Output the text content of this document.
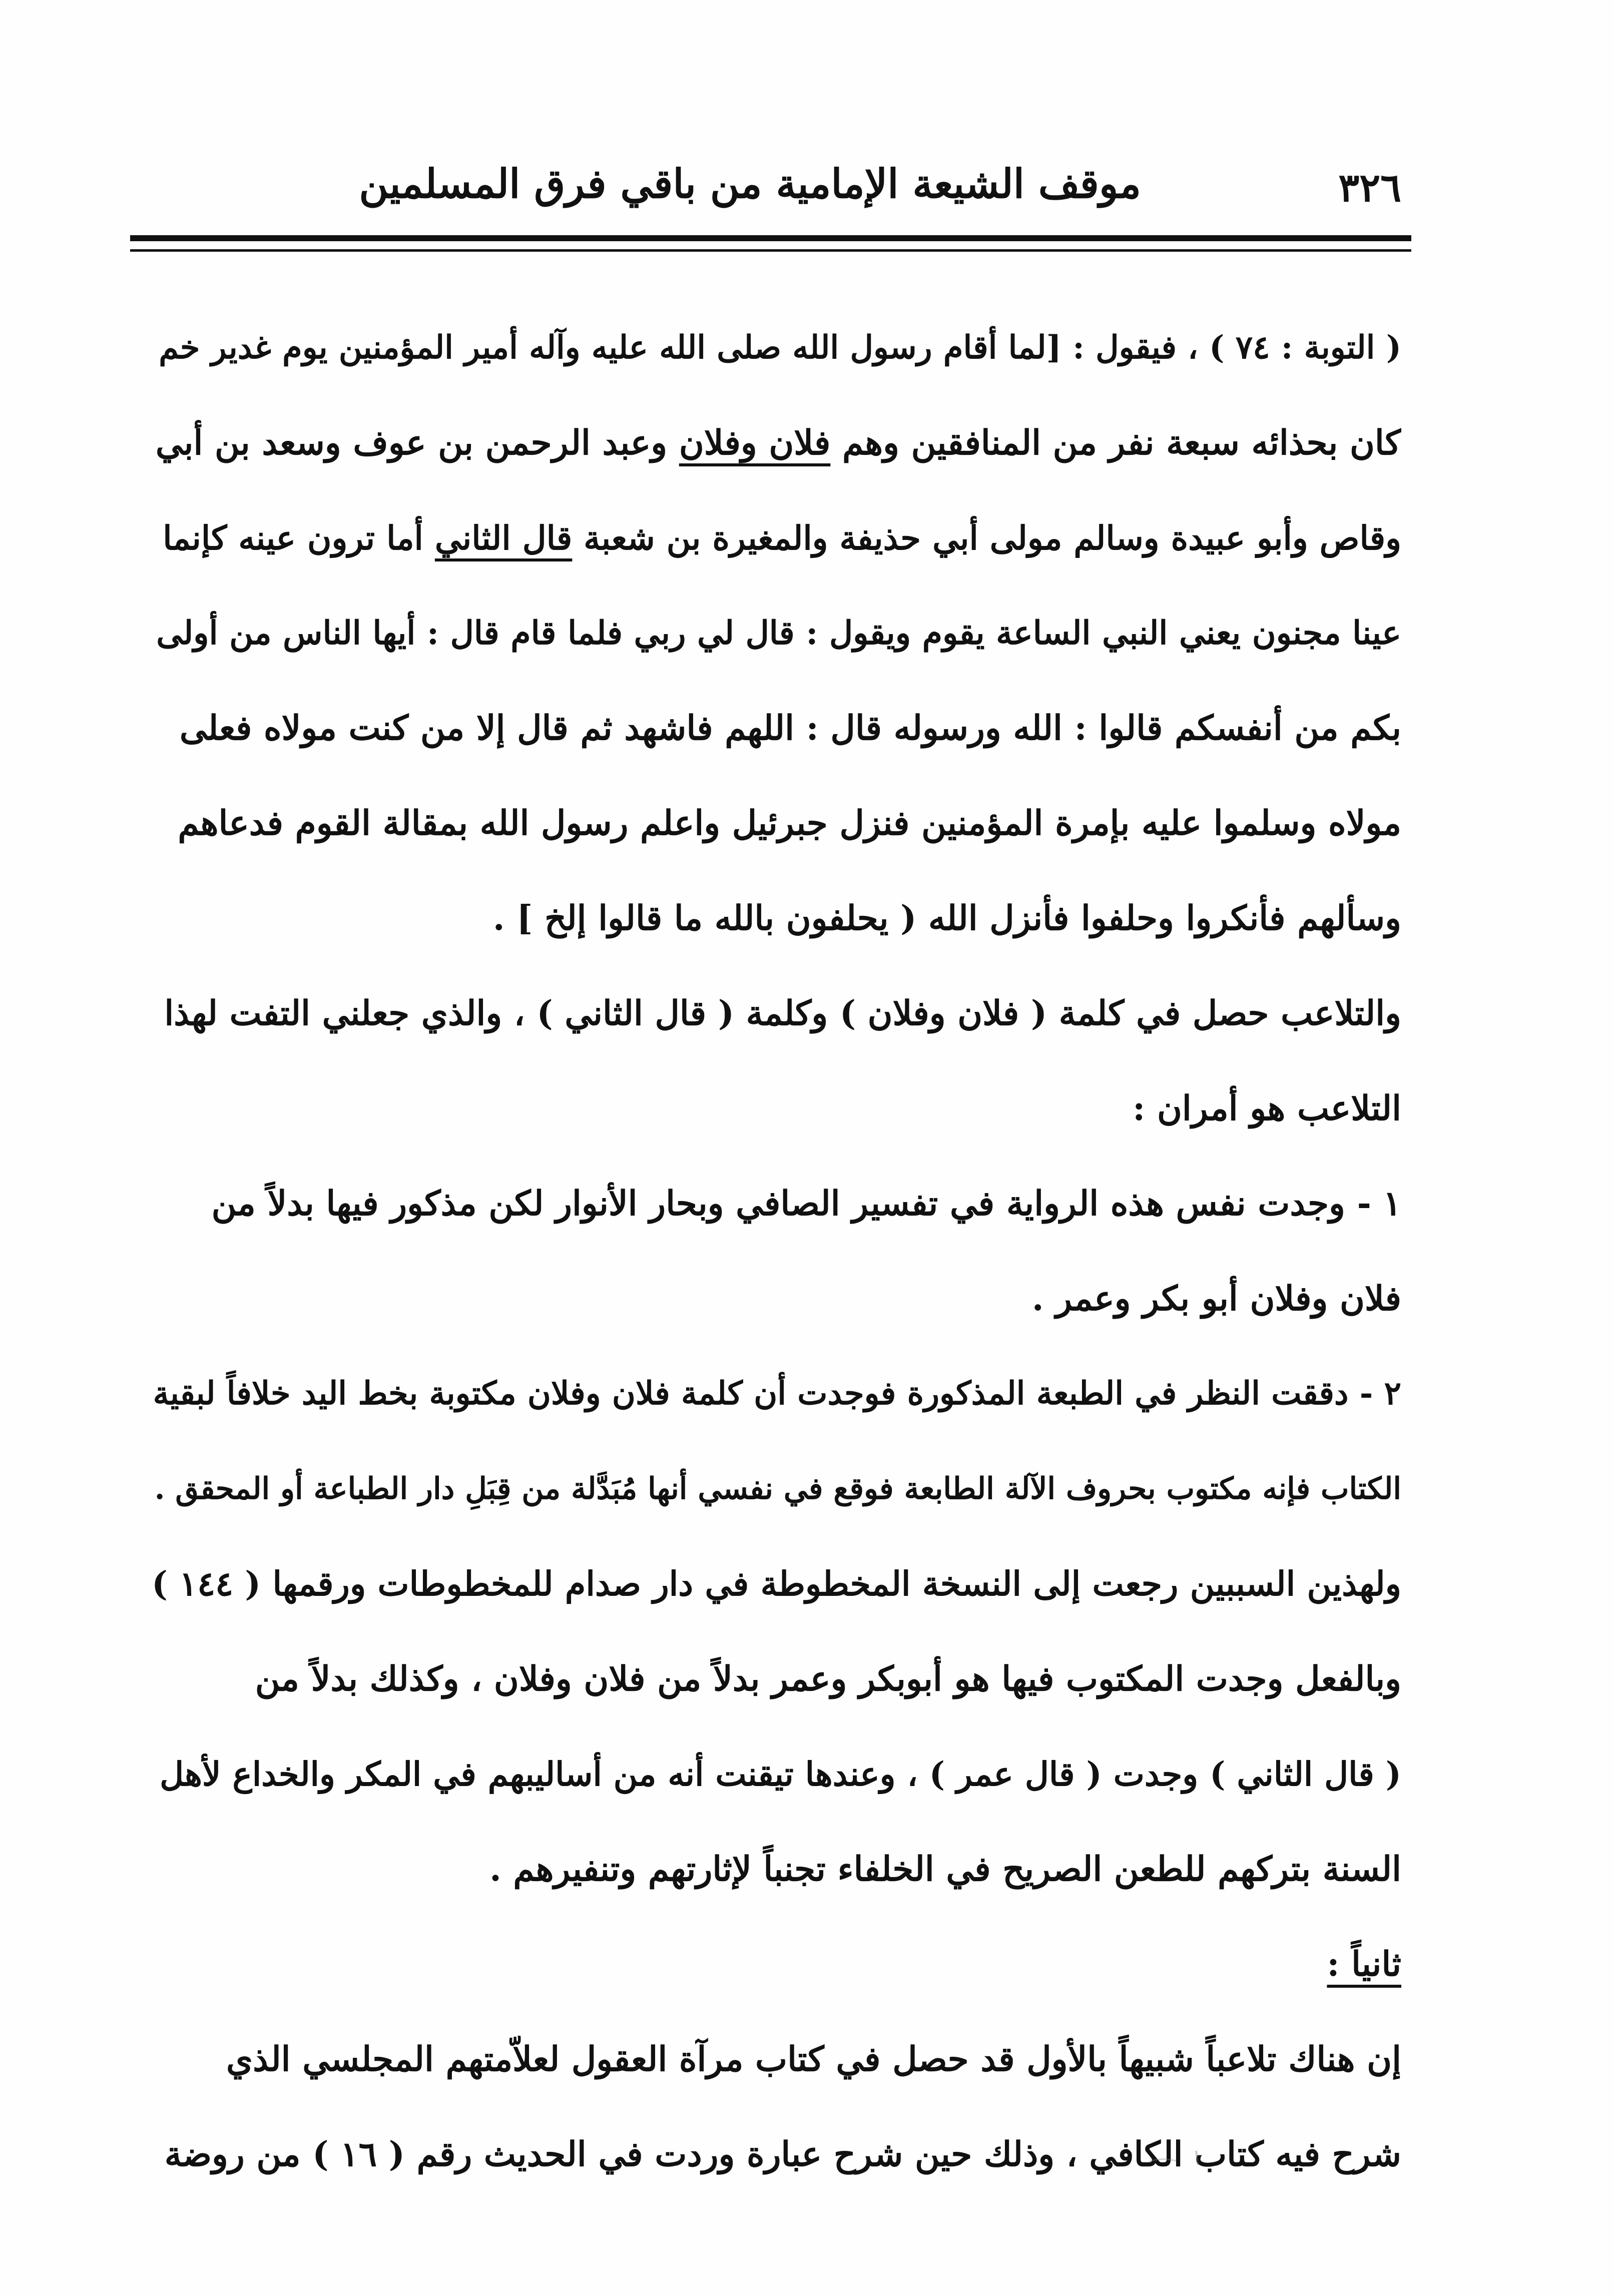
٣٢٦
موقف الشيعة الإمامية من باقي فرق المسلمين
( التوبة : ٧٤ ) ، فيقول : [لما أقام رسول الله صلى الله عليه وآله أمير المؤمنين يوم غدير خم
كان بحذائه سبعة نفر من المنافقين وهم فلان وفلان وعبد الرحمن بن عوف وسعد بن أبي
وقاص وأبو عبيدة وسالم مولى أبي حذيفة والمغيرة بن شعبة قال الثاني أما ترون عينه كإنما
عينا مجنون يعني النبي الساعة يقوم ويقول : قال لي ربي فلما قام قال : أيها الناس من أولى
بكم من أنفسكم قالوا : الله ورسوله قال : اللهم فاشهد ثم قال إلا من كنت مولاه فعلى
مولاه وسلموا عليه بإمرة المؤمنين فنزل جبرئيل واعلم رسول الله بمقالة القوم فدعاهم
وسألهم فأنكروا وحلفوا فأنزل الله ( يحلفون بالله ما قالوا إلخ ] .
والتلاعب حصل في كلمة ( فلان وفلان ) وكلمة ( قال الثاني ) ، والذي جعلني التفت لهذا
التلاعب هو أمران :
١ - وجدت نفس هذه الرواية في تفسير الصافي وبحار الأنوار لكن مذكور فيها بدلاً من
فلان وفلان أبو بكر وعمر .
٢ - دققت النظر في الطبعة المذكورة فوجدت أن كلمة فلان وفلان مكتوبة بخط اليد خلافاً لبقية
الكتاب فإنه مكتوب بحروف الآلة الطابعة فوقع في نفسي أنها مُبَدَّلة من قِبَلِ دار الطباعة أو المحقق .
ولهذين السببين رجعت إلى النسخة المخطوطة في دار صدام للمخطوطات ورقمها ( ١٤٤ )
وبالفعل وجدت المكتوب فيها هو أبوبكر وعمر بدلاً من فلان وفلان ، وكذلك بدلاً من
( قال الثاني ) وجدت ( قال عمر ) ، وعندها تيقنت أنه من أساليبهم في المكر والخداع لأهل
السنة بتركهم للطعن الصريح في الخلفاء تجنباً لإثارتهم وتنفيرهم .
ثانياً :
إن هناك تلاعباً شبيهاً بالأول قد حصل في كتاب مرآة العقول لعلاّمتهم المجلسي الذي
شرح فيه كتاب الكافي ، وذلك حين شرح عبارة وردت في الحديث رقم ( ١٦ ) من روضة
